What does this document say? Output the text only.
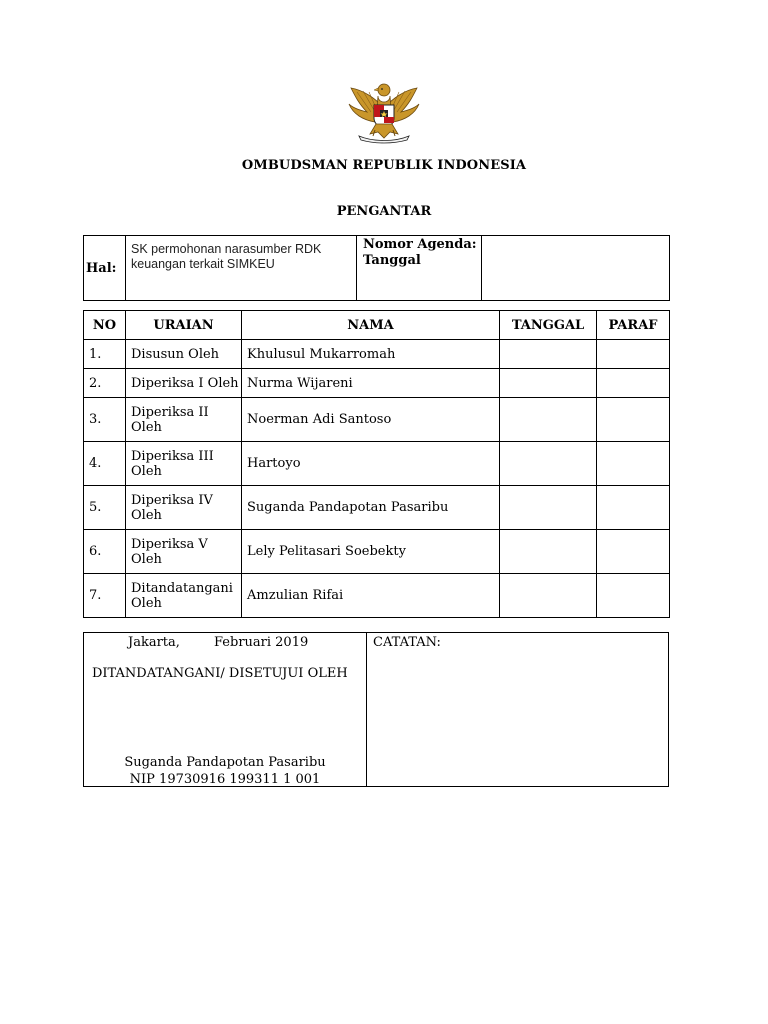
OMBUDSMAN REPUBLIK INDONESIA
PENGANTAR
Hal:	
SK permohonan narasumber RDK
keuangan terkait SIMKEU

Nomor Agenda:
Tanggal

NO	URAIAN	NAMA	TANGGAL	PARAF
1.	Disusun Oleh	Khulusul Mukarromah		
2.	Diperiksa I Oleh	Nurma Wijareni		
3.	Diperiksa II Oleh	Noerman Adi Santoso		
4.	Diperiksa III Oleh	Hartoyo		
5.	Diperiksa IV Oleh	Suganda Pandapotan Pasaribu		
6.	Diperiksa V Oleh	Lely Pelitasari Soebekty		
7.	Ditandatangani Oleh	Amzulian Rifai		
Jakarta,	Februari 2019
DITANDATANGANI/ DISETUJUI OLEH
Suganda Pandapotan Pasaribu
NIP 19730916 199311 1 001

CATATAN:
